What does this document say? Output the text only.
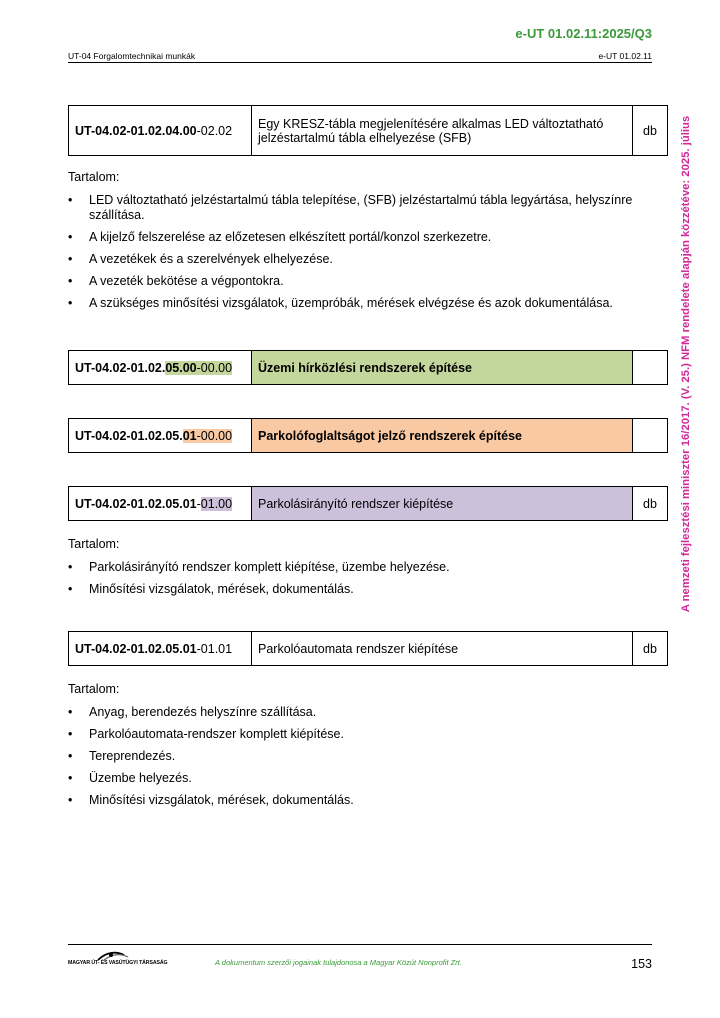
e-UT 01.02.11:2025/Q3
UT-04 Forgalomtechnikai munkák	e-UT 01.02.11
A nemzeti fejlesztési miniszter 16/2017. (V. 25.) NFM rendelete alapján közzétéve: 2025. július
UT-04.02-01.02.04.00-02.02	Egy KRESZ-tábla megjelenítésére alkalmas LED változtatható jelzéstartalmú tábla elhelyezése (SFB)	db
Tartalom:
• LED változtatható jelzéstartalmú tábla telepítése, (SFB) jelzéstartalmú tábla legyártása, helyszínre szállítása.
• A kijelző felszerelése az előzetesen elkészített portál/konzol szerkezetre.
• A vezetékek és a szerelvények elhelyezése.
• A vezeték bekötése a végpontokra.
• A szükséges minősítési vizsgálatok, üzempróbák, mérések elvégzése és azok dokumentálása.
UT-04.02-01.02.05.00-00.00	Üzemi hírközlési rendszerek építése	
UT-04.02-01.02.05.01-00.00	Parkolófoglaltságot jelző rendszerek építése	
UT-04.02-01.02.05.01-01.00	Parkolásirányító rendszer kiépítése	db
Tartalom:
• Parkolásirányító rendszer komplett kiépítése, üzembe helyezése.
• Minősítési vizsgálatok, mérések, dokumentálás.
UT-04.02-01.02.05.01-01.01	Parkolóautomata rendszer kiépítése	db
Tartalom:
• Anyag, berendezés helyszínre szállítása.
• Parkolóautomata-rendszer komplett kiépítése.
• Tereprendezés.
• Üzembe helyezés.
• Minősítési vizsgálatok, mérések, dokumentálás.
MAGYAR ÚT- ÉS VASÚTÜGYI TÁRSASÁG	A dokumentum szerzői jogainak tulajdonosa a Magyar Közút Nonprofit Zrt.	153
